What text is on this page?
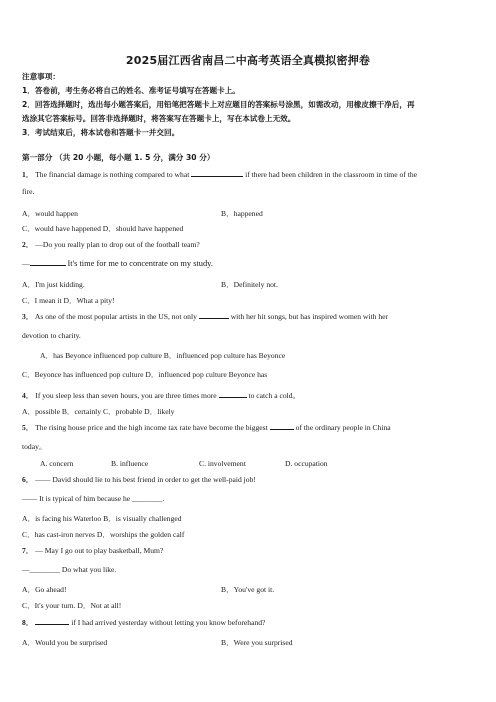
2025届江西省南昌二中高考英语全真模拟密押卷
注意事项：
1．答卷前，考生务必将自己的姓名、准考证号填写在答题卡上。
2．回答选择题时，选出每小题答案后，用铅笔把答题卡上对应题目的答案标号涂黑，如需改动，用橡皮擦干净后，再
选涂其它答案标号。回答非选择题时，将答案写在答题卡上，写在本试卷上无效。
3．考试结束后，将本试卷和答题卡一并交回。
第一部分 （共 20 小题，每小题 1. 5 分，满分 30 分）
1． The financial damage is nothing compared to what	if there had been children in the classroom in time of the
fire.
A．would happen	B．happened
C．would have happened D．should have happened
2． —Do you really plan to drop out of the football team?
—	It's time for me to concentrate on my study.
A．I'm just kidding.	B．Definitely not.
C．I mean it D．What a pity!
3． As one of the most popular artists in the US, not only	with her hit songs, but has inspired women with her
devotion to charity.
A．has Beyonce influenced pop culture B．influenced pop culture has Beyonce
C．Beyonce has influenced pop culture D．influenced pop culture Beyonce has
4． If you sleep less than seven hours, you are three times more	to catch a cold。
A．possible B．certainly C．probable D．likely
5． The rising house price and the high income tax rate have become the biggest	of the ordinary people in China
today。
A. concern	B. influence	C. involvement	D. occupation
6． —— David should lie to his best friend in order to get the well-paid job!
—— It is typical of him because he ________.
A．is facing his Waterloo B．is visually challenged
C．has cast-iron nerves D．worships the golden calf
7． — May I go out to play basketball, Mum?
—________ Do what you like.
A．Go ahead!	B．You've got it.
C．It's your turn. D．Not at all!
8．	if I had arrived yesterday without letting you know beforehand?
A．Would you be surprised	B．Were you surprised
